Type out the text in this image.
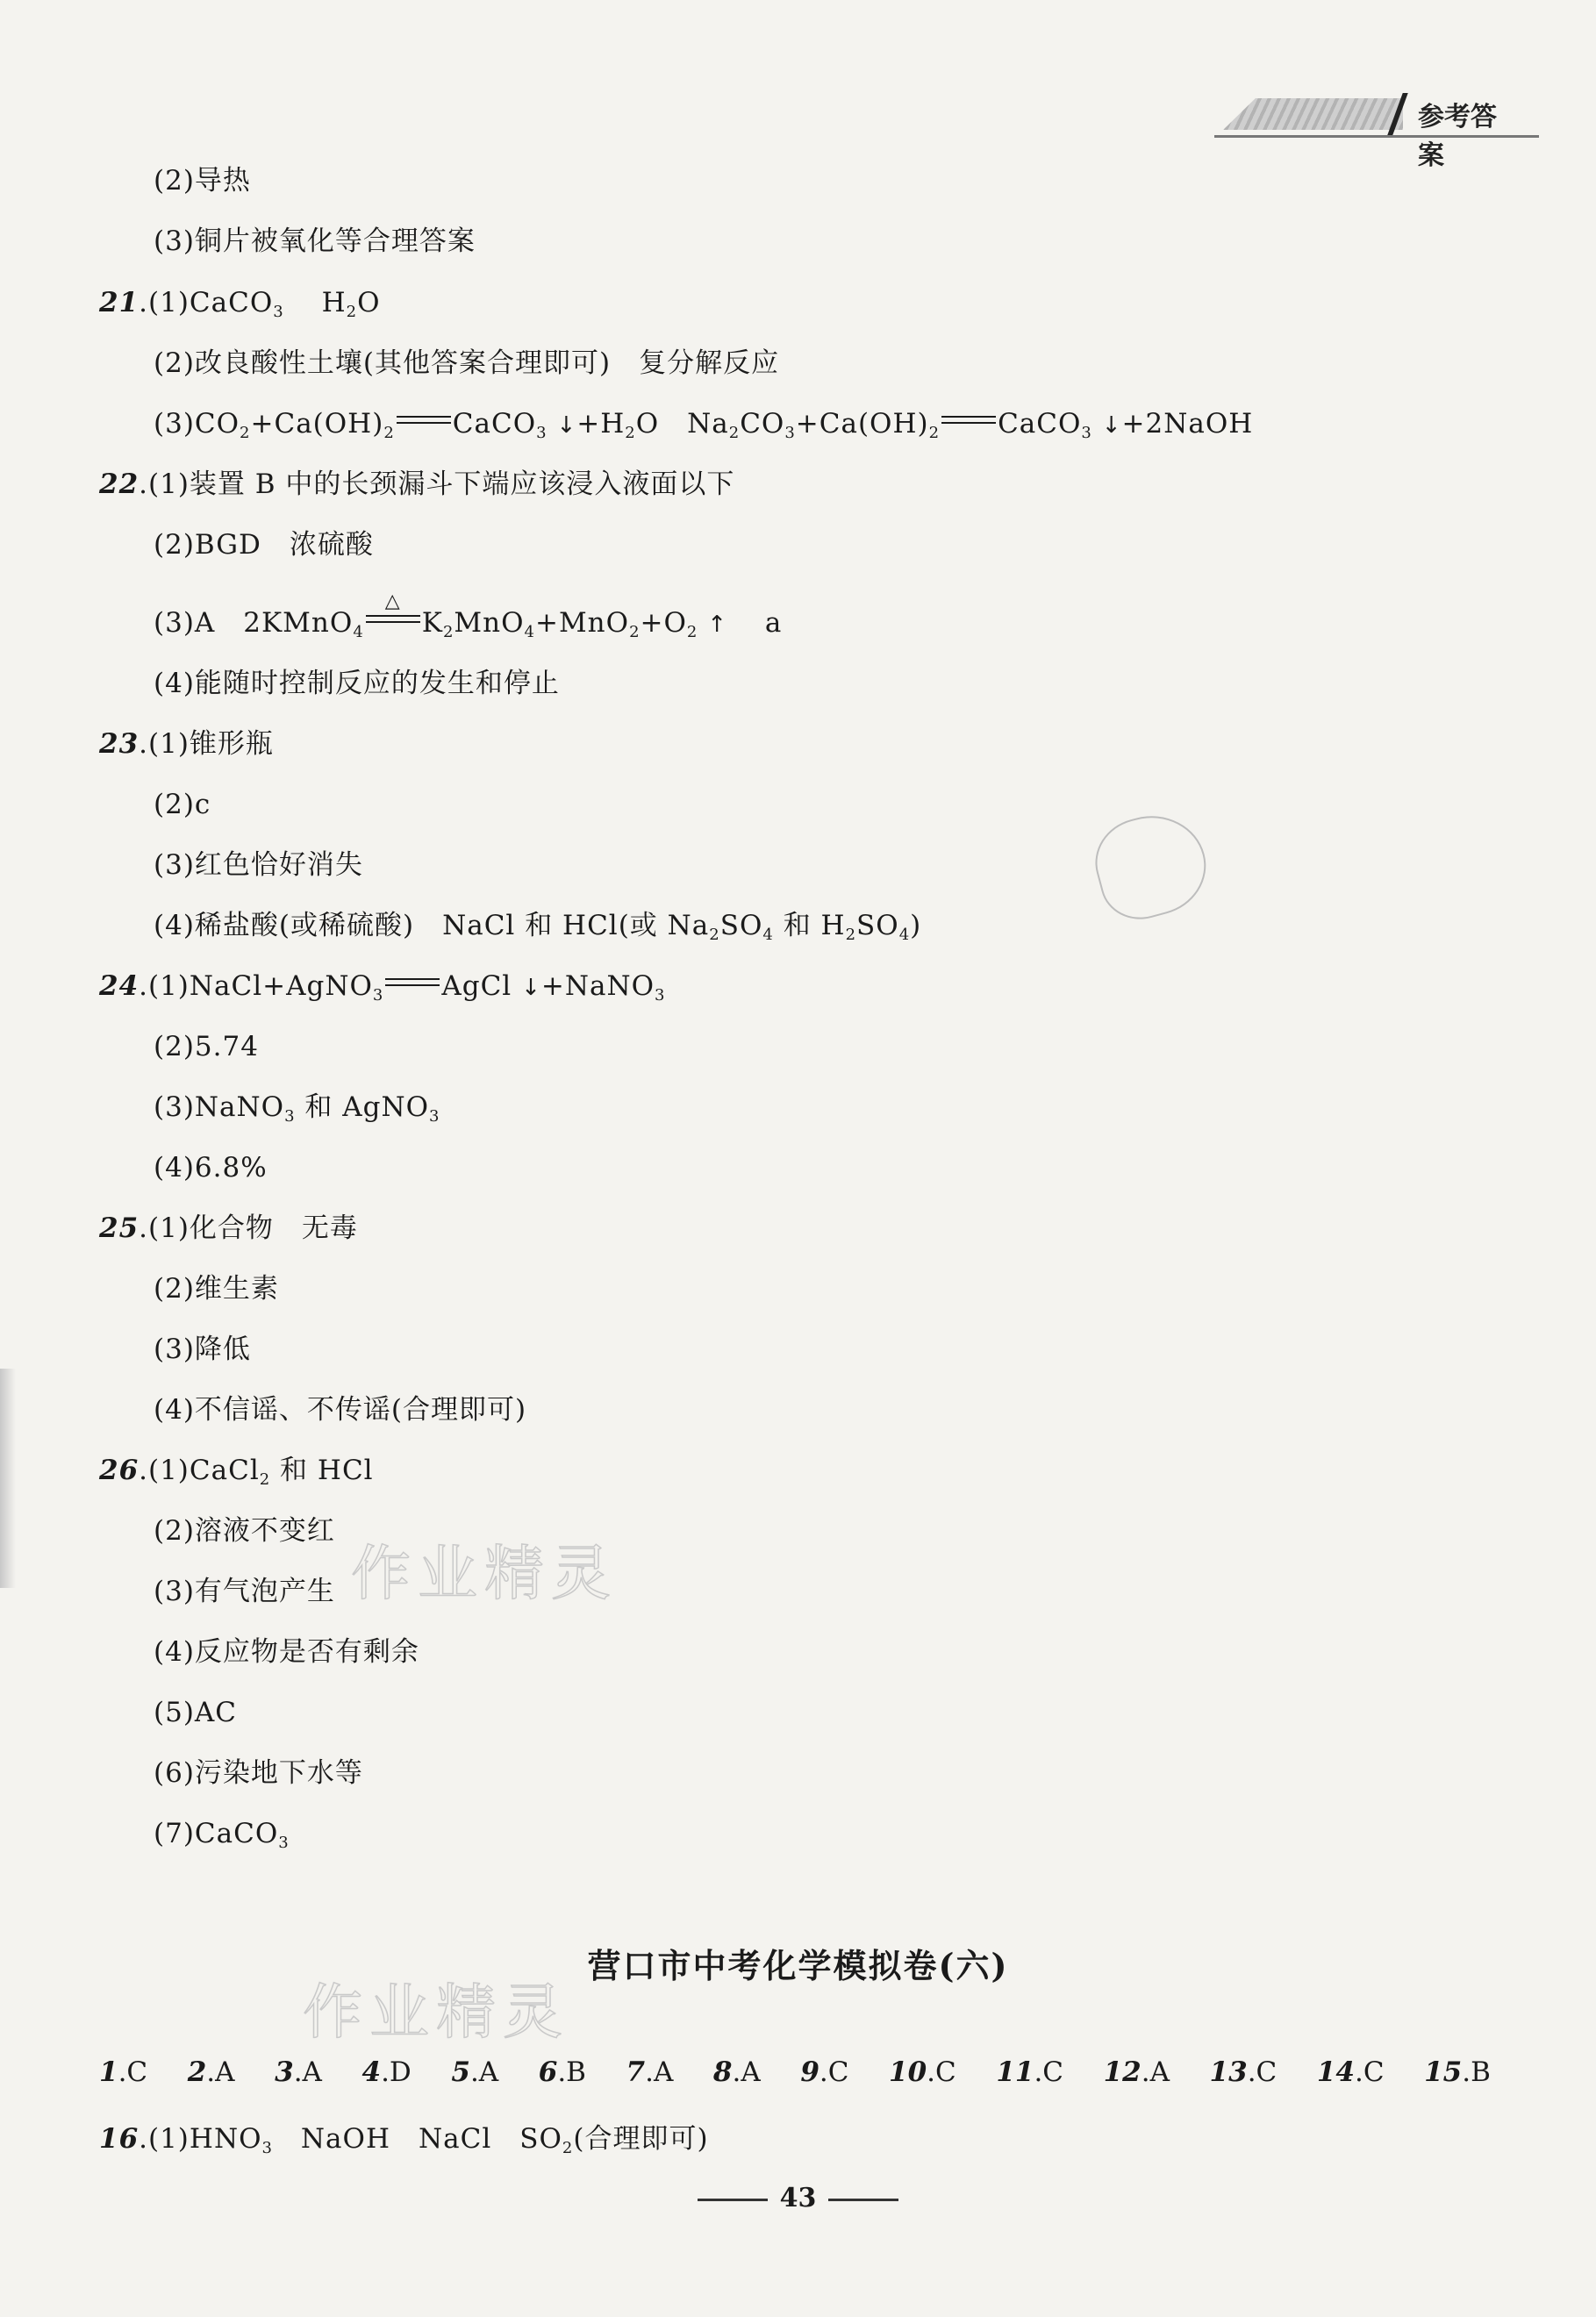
参考答案
(2)导热
(3)铜片被氧化等合理答案
21.(1)CaCO$_3$　 $H_2O$
(2)改良酸性土壤(其他答案合理即可)　复分解反应
$(3)CO_2+Ca(OH)_2$ CaCO$_3$ $↓+H_2O$　$Na_2CO_3+Ca(OH)_2$ CaCO$_3$ ↓+2NaOH
22.(1)装置 B 中的长颈漏斗下端应该浸入液面以下
(2)BGD　浓硫酸
(3)A　2KMnO$_4$
△
$K_2MnO_4+MnO_2+O_2$ ↑　 a
(4)能随时控制反应的发生和停止
23.(1)锥形瓶
(2)c
(3)红色恰好消失
(4)稀盐酸(或稀硫酸)　NaCl 和 HCl(或 $Na_2SO_4$ 和 $H_2SO_4$)
24.(1)NaCl+AgNO$_3$ AgCl ↓+NaNO$_3$
(2)5.74
(3)NaNO$_3$ 和 AgNO$_3$
(4)6.8%
25.(1)化合物　无毒
(2)维生素
(3)降低
(4)不信谣、不传谣(合理即可)
26.(1)CaCl$_2$ 和 HCl
(2)溶液不变红
(3)有气泡产生
(4)反应物是否有剩余
(5)AC
(6)污染地下水等
(7)CaCO$_3$
营口市中考化学模拟卷(六)
1.C 2.A 3.A 4.D 5.A 6.B 7.A 8.A 9.C 10.C 11.C 12.A 13.C 14.C 15.B
$16.(1)HNO_3$　NaOH　NaCl　$SO_2$(合理即可)
43
作业精灵
作业精灵
